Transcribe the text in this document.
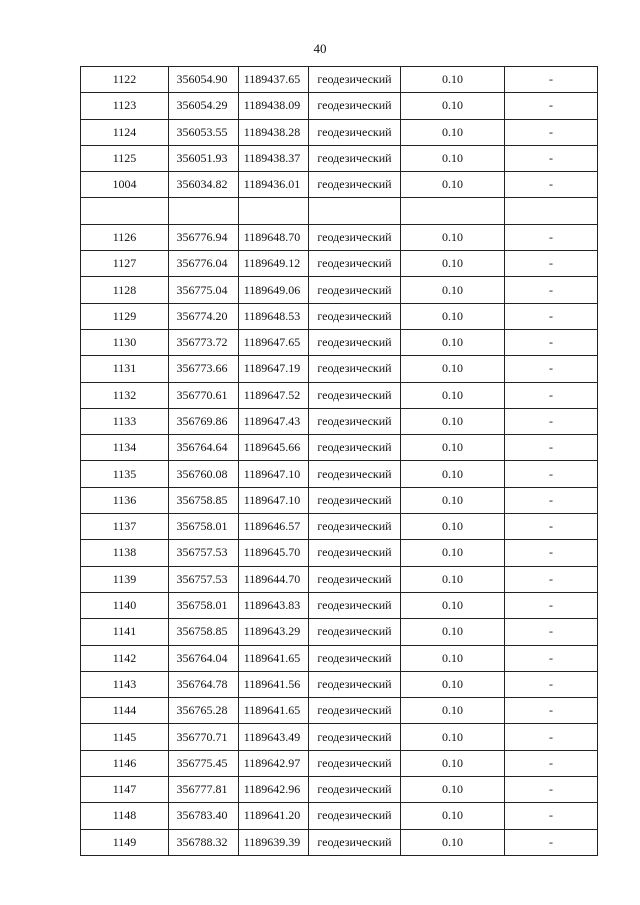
40
1122	356054.90	1189437.65	геодезический	0.10	-
1123	356054.29	1189438.09	геодезический	0.10	-
1124	356053.55	1189438.28	геодезический	0.10	-
1125	356051.93	1189438.37	геодезический	0.10	-
1004	356034.82	1189436.01	геодезический	0.10	-

1126	356776.94	1189648.70	геодезический	0.10	-
1127	356776.04	1189649.12	геодезический	0.10	-
1128	356775.04	1189649.06	геодезический	0.10	-
1129	356774.20	1189648.53	геодезический	0.10	-
1130	356773.72	1189647.65	геодезический	0.10	-
1131	356773.66	1189647.19	геодезический	0.10	-
1132	356770.61	1189647.52	геодезический	0.10	-
1133	356769.86	1189647.43	геодезический	0.10	-
1134	356764.64	1189645.66	геодезический	0.10	-
1135	356760.08	1189647.10	геодезический	0.10	-
1136	356758.85	1189647.10	геодезический	0.10	-
1137	356758.01	1189646.57	геодезический	0.10	-
1138	356757.53	1189645.70	геодезический	0.10	-
1139	356757.53	1189644.70	геодезический	0.10	-
1140	356758.01	1189643.83	геодезический	0.10	-
1141	356758.85	1189643.29	геодезический	0.10	-
1142	356764.04	1189641.65	геодезический	0.10	-
1143	356764.78	1189641.56	геодезический	0.10	-
1144	356765.28	1189641.65	геодезический	0.10	-
1145	356770.71	1189643.49	геодезический	0.10	-
1146	356775.45	1189642.97	геодезический	0.10	-
1147	356777.81	1189642.96	геодезический	0.10	-
1148	356783.40	1189641.20	геодезический	0.10	-
1149	356788.32	1189639.39	геодезический	0.10	-
